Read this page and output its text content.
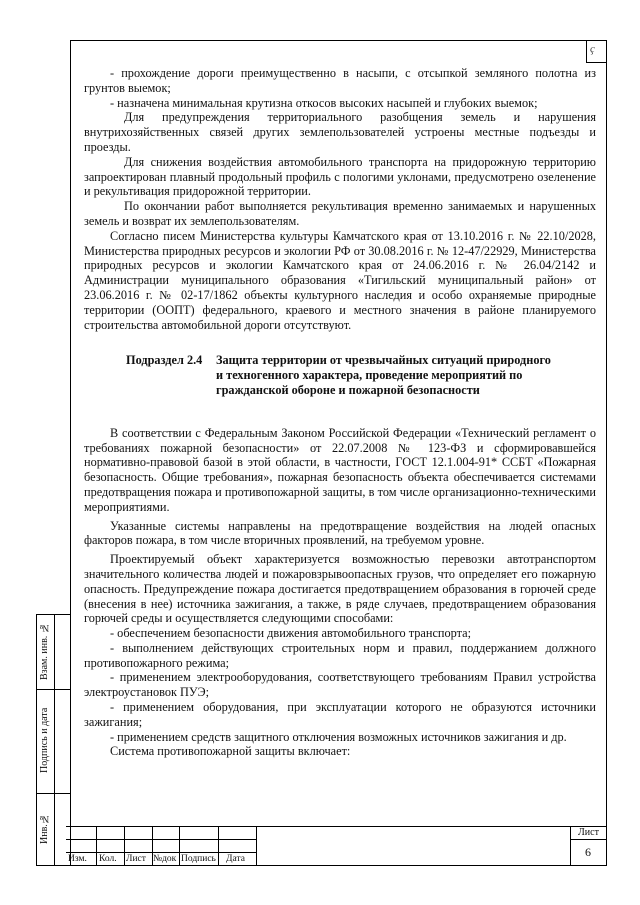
ç

- прохождение дороги преимущественно в насыпи, с отсыпкой земляного полотна из грунтов выемок;

- назначена минимальная крутизна откосов высоких насыпей и глубоких выемок;

Для предупреждения территориального разобщения земель и нарушения внутрихозяйственных связей других землепользователей устроены местные подъезды и проезды.

Для снижения воздействия автомобильного транспорта на придорожную территорию запроектирован плавный продольный профиль с пологими уклонами, предусмотрено озеленение и рекультивация придорожной территории.

По окончании работ выполняется рекультивация временно занимаемых и нарушенных земель и возврат их землепользователям.

Согласно писем Министерства культуры Камчатского края от 13.10.2016 г. № 22.10/2028, Министерства природных ресурсов и экологии РФ от 30.08.2016 г. № 12-47/22929, Министерства природных ресурсов и экологии Камчатского края от 24.06.2016 г. № 26.04/2142 и Администрации муниципального образования «Тигильский муниципальный район» от 23.06.2016 г. № 02-17/1862 объекты культурного наследия и особо охраняемые природные территории (ООПТ) федерального, краевого и местного значения в районе планируемого строительства автомобильной дороги отсутствуют.

Подраздел 2.4	Защита территории от чрезвычайных ситуаций природного и техногенного характера, проведение мероприятий по гражданской обороне и пожарной безопасности

В соответствии с Федеральным Законом Российской Федерации «Технический регламент о требованиях пожарной безопасности» от 22.07.2008 № 123-ФЗ и сформировавшейся нормативно-правовой базой в этой области, в частности, ГОСТ 12.1.004-91* ССБТ «Пожарная безопасность. Общие требования», пожарная безопасность объекта обеспечивается системами предотвращения пожара и противопожарной защиты, в том числе организационно-техническими мероприятиями.

Указанные системы направлены на предотвращение воздействия на людей опасных факторов пожара, в том числе вторичных проявлений, на требуемом уровне.

Проектируемый объект характеризуется возможностью перевозки автотранспортом значительного количества людей и пожаровзрывоопасных грузов, что определяет его пожарную опасность. Предупреждение пожара достигается предотвращением образования в горючей среде (внесения в нее) источника зажигания, а также, в ряде случаев, предотвращением образования горючей среды и осуществляется следующими способами:

- обеспечением безопасности движения автомобильного транспорта;

- выполнением действующих строительных норм и правил, поддержанием должного противопожарного режима;

- применением электрооборудования, соответствующего требованиям Правил устройства электроустановок ПУЭ;

- применением оборудования, при эксплуатации которого не образуются источники зажигания;

- применением средств защитного отключения возможных источников зажигания и др.

Система противопожарной защиты включает:

Взам. инв. №
Подпись и дата
Инв.№
Изм. Кол. Лист №док Подпись Дата
Лист
6
